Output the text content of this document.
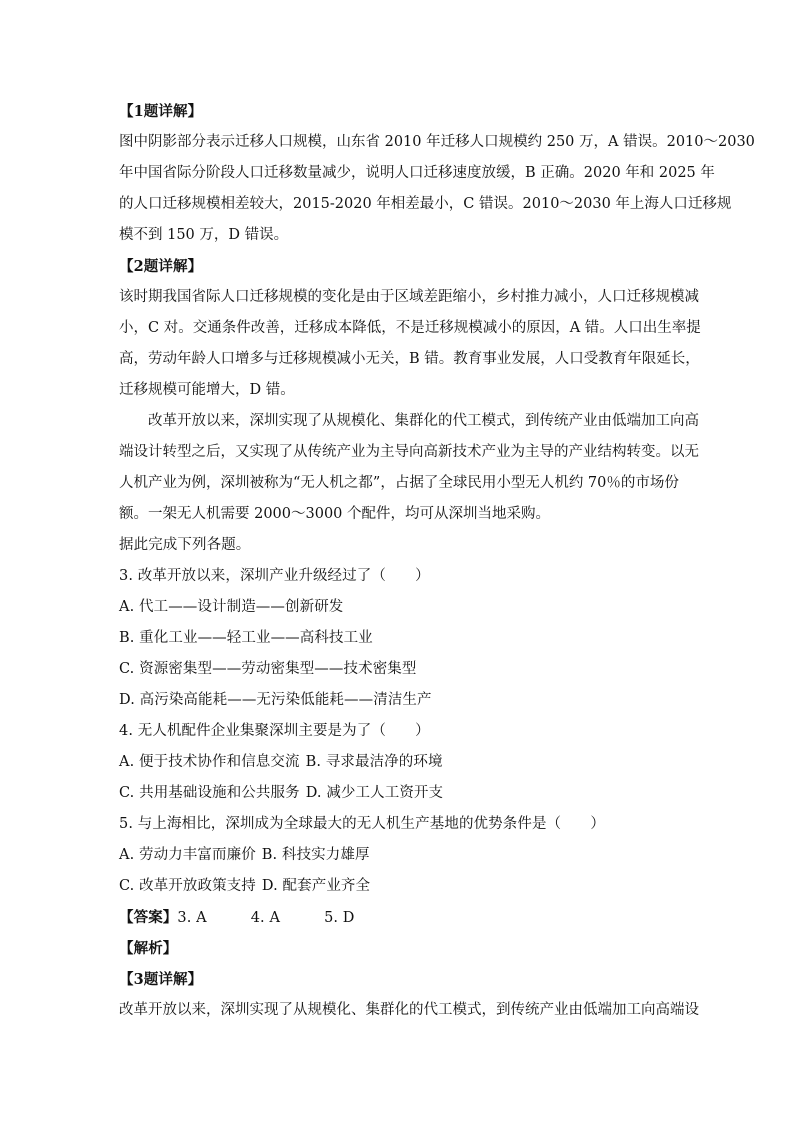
【1题详解】
图中阴影部分表示迁移人口规模，山东省 2010 年迁移人口规模约 250 万，A 错误。2010～2030
年中国省际分阶段人口迁移数量减少，说明人口迁移速度放缓，B 正确。2020 年和 2025 年
的人口迁移规模相差较大，2015-2020 年相差最小，C 错误。2010～2030 年上海人口迁移规
模不到 150 万，D 错误。
【2题详解】
该时期我国省际人口迁移规模的变化是由于区域差距缩小，乡村推力减小，人口迁移规模减
小，C 对。交通条件改善，迁移成本降低，不是迁移规模减小的原因，A 错。人口出生率提
高，劳动年龄人口增多与迁移规模减小无关，B 错。教育事业发展，人口受教育年限延长，
迁移规模可能增大，D 错。
改革开放以来，深圳实现了从规模化、集群化的代工模式，到传统产业由低端加工向高
端设计转型之后，又实现了从传统产业为主导向高新技术产业为主导的产业结构转变。以无
人机产业为例，深圳被称为“无人机之都”，占据了全球民用小型无人机约 70％的市场份
额。一架无人机需要 2000～3000 个配件，均可从深圳当地采购。
据此完成下列各题。
3. 改革开放以来，深圳产业升级经过了（　　）
A. 代工——设计制造——创新研发
B. 重化工业——轻工业——高科技工业
C. 资源密集型——劳动密集型——技术密集型
D. 高污染高能耗——无污染低能耗——清洁生产
4. 无人机配件企业集聚深圳主要是为了（　　）
A. 便于技术协作和信息交流 B. 寻求最洁净的环境
C. 共用基础设施和公共服务 D. 减少工人工资开支
5. 与上海相比，深圳成为全球最大的无人机生产基地的优势条件是（　　）
A. 劳动力丰富而廉价 B. 科技实力雄厚
C. 改革开放政策支持 D. 配套产业齐全
【答案】3. A	4. A	5. D
【解析】
【3题详解】
改革开放以来，深圳实现了从规模化、集群化的代工模式，到传统产业由低端加工向高端设
